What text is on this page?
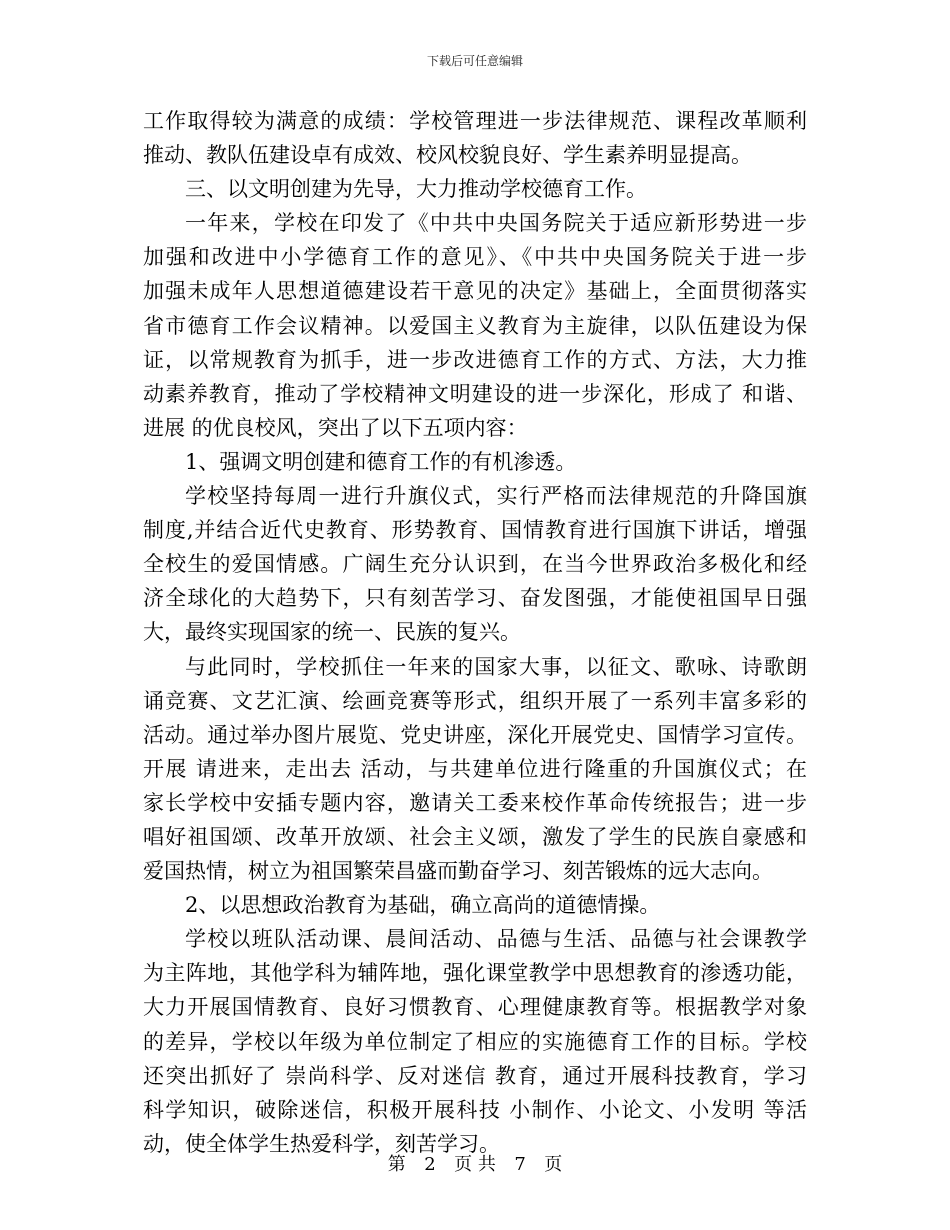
下载后可任意编辑
工作取得较为满意的成绩：学校管理进一步法律规范、课程改革顺利
推动、教队伍建设卓有成效、校风校貌良好、学生素养明显提高。
三、以文明创建为先导，大力推动学校德育工作。
一年来，学校在印发了《中共中央国务院关于适应新形势进一步
加强和改进中小学德育工作的意见》、《中共中央国务院关于进一步
加强未成年人思想道德建设若干意见的决定》基础上，全面贯彻落实
省市德育工作会议精神。以爱国主义教育为主旋律，以队伍建设为保
证，以常规教育为抓手，进一步改进德育工作的方式、方法，大力推
动素养教育，推动了学校精神文明建设的进一步深化，形成了 和谐、
进展 的优良校风，突出了以下五项内容：
1、强调文明创建和德育工作的有机渗透。
学校坚持每周一进行升旗仪式，实行严格而法律规范的升降国旗
制度,并结合近代史教育、形势教育、国情教育进行国旗下讲话，增强
全校生的爱国情感。广阔生充分认识到，在当今世界政治多极化和经
济全球化的大趋势下，只有刻苦学习、奋发图强，才能使祖国早日强
大，最终实现国家的统一、民族的复兴。
与此同时，学校抓住一年来的国家大事，以征文、歌咏、诗歌朗
诵竞赛、文艺汇演、绘画竞赛等形式，组织开展了一系列丰富多彩的
活动。通过举办图片展览、党史讲座，深化开展党史、国情学习宣传。
开展 请进来，走出去 活动，与共建单位进行隆重的升国旗仪式；在
家长学校中安插专题内容，邀请关工委来校作革命传统报告；进一步
唱好祖国颂、改革开放颂、社会主义颂，激发了学生的民族自豪感和
爱国热情，树立为祖国繁荣昌盛而勤奋学习、刻苦锻炼的远大志向。
2、以思想政治教育为基础，确立高尚的道德情操。
学校以班队活动课、晨间活动、品德与生活、品德与社会课教学
为主阵地，其他学科为辅阵地，强化课堂教学中思想教育的渗透功能，
大力开展国情教育、良好习惯教育、心理健康教育等。根据教学对象
的差异，学校以年级为单位制定了相应的实施德育工作的目标。学校
还突出抓好了 崇尚科学、反对迷信 教育，通过开展科技教育，学习
科学知识，破除迷信，积极开展科技 小制作、小论文、小发明 等活
动，使全体学生热爱科学，刻苦学习。
第 2 页 共 7 页
